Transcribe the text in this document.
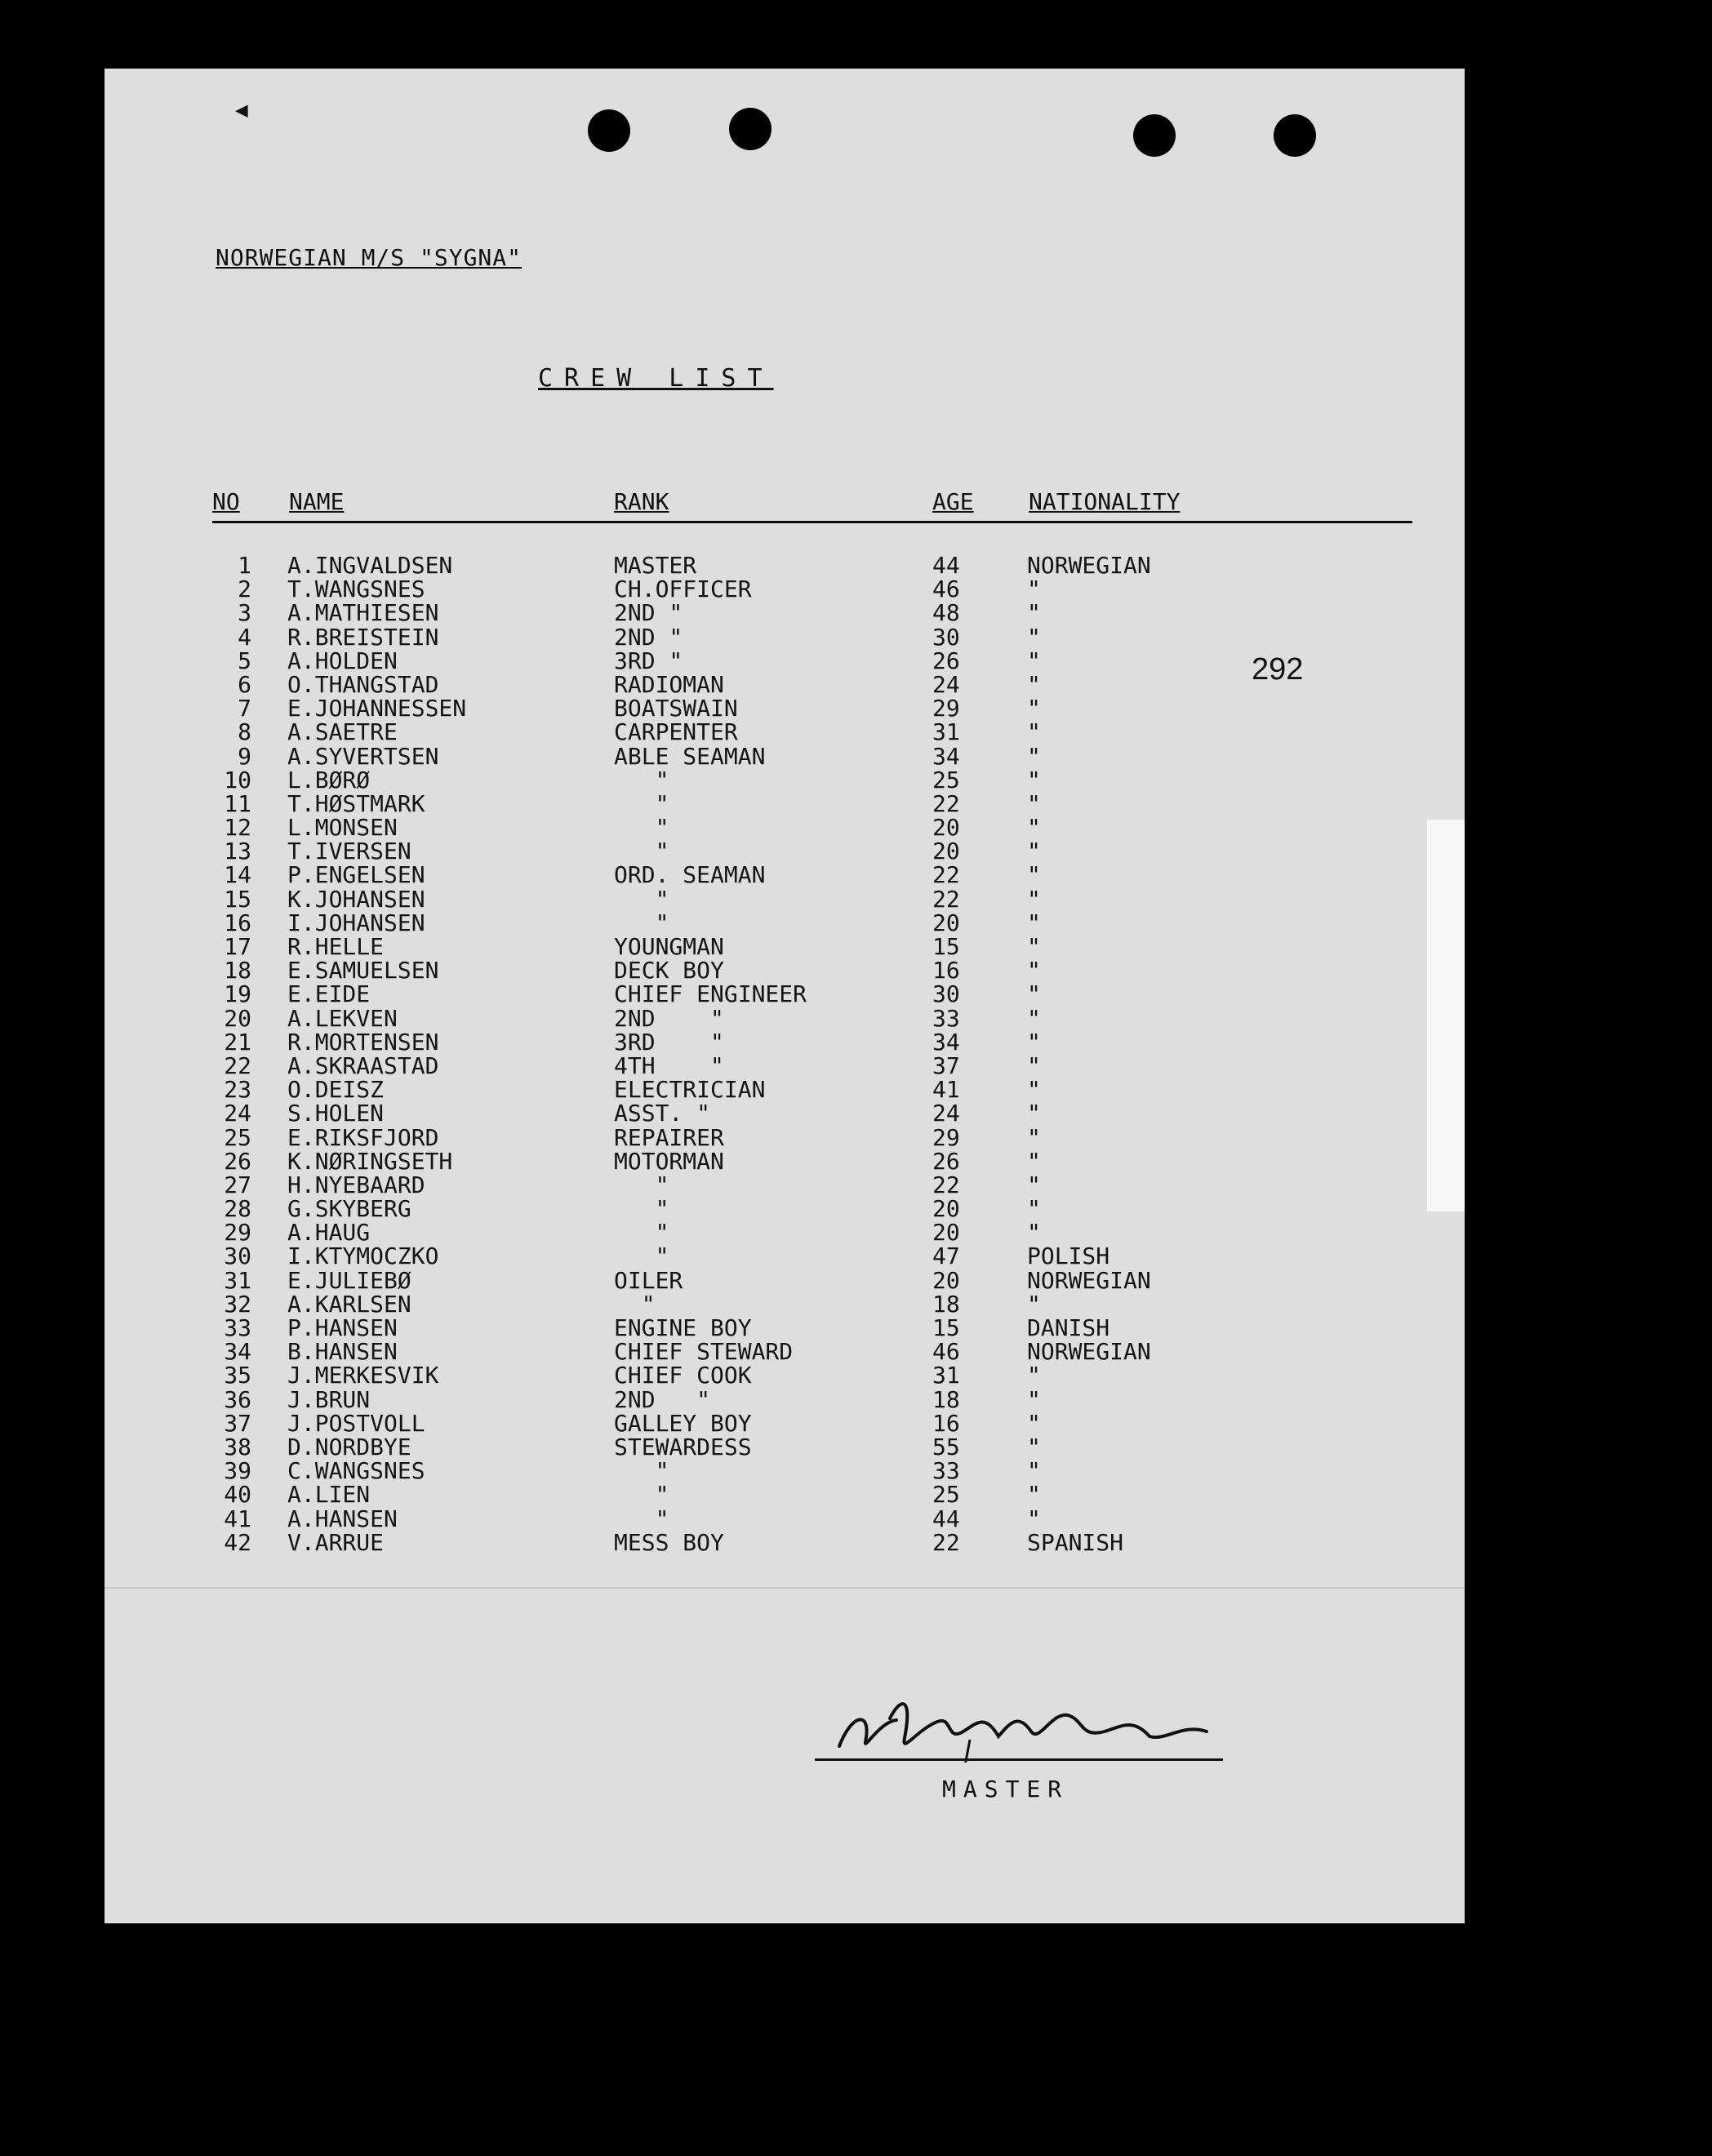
◀
NORWEGIAN M/S "SYGNA"
CREW LIST
292
NO NAME	RANK	AGE NATIONALITY
1 A.INGVALDSEN	MASTER	44	NORWEGIAN
2 T.WANGSNES	CH.OFFICER	46	"
3 A.MATHIESEN	2ND "	48	"
4 R.BREISTEIN	2ND "	30	"
5 A.HOLDEN	3RD "	26	"
6 O.THANGSTAD	RADIOMAN	24	"
7 E.JOHANNESSEN	BOATSWAIN	29	"
8 A.SAETRE	CARPENTER	31	"
9 A.SYVERTSEN	ABLE SEAMAN	34	"
10 L.BØRØ	"	25	"
11 T.HØSTMARK	"	22	"
12 L.MONSEN	"	20	"
13 T.IVERSEN	"	20	"
14 P.ENGELSEN	ORD. SEAMAN	22	"
15 K.JOHANSEN	"	22	"
16 I.JOHANSEN	"	20	"
17 R.HELLE	YOUNGMAN	15	"
18 E.SAMUELSEN	DECK BOY	16	"
19 E.EIDE	CHIEF ENGINEER	30	"
20 A.LEKVEN	2ND    "	33	"
21 R.MORTENSEN	3RD    "	34	"
22 A.SKRAASTAD	4TH    "	37	"
23 O.DEISZ	ELECTRICIAN	41	"
24 S.HOLEN	ASST. "	24	"
25 E.RIKSFJORD	REPAIRER	29	"
26 K.NØRINGSETH	MOTORMAN	26	"
27 H.NYEBAARD	"	22	"
28 G.SKYBERG	"	20	"
29 A.HAUG	"	20	"
30 I.KTYMOCZKO	"	47	POLISH
31 E.JULIEBØ	OILER	20	NORWEGIAN
32 A.KARLSEN	"	18	"
33 P.HANSEN	ENGINE BOY	15	DANISH
34 B.HANSEN	CHIEF STEWARD	46	NORWEGIAN
35 J.MERKESVIK	CHIEF COOK	31	"
36 J.BRUN	2ND   "	18	"
37 J.POSTVOLL	GALLEY BOY	16	"
38 D.NORDBYE	STEWARDESS	55	"
39 C.WANGSNES	"	33	"
40 A.LIEN	"	25	"
41 A.HANSEN	"	44	"
42 V.ARRUE	MESS BOY	22	SPANISH
MASTER
